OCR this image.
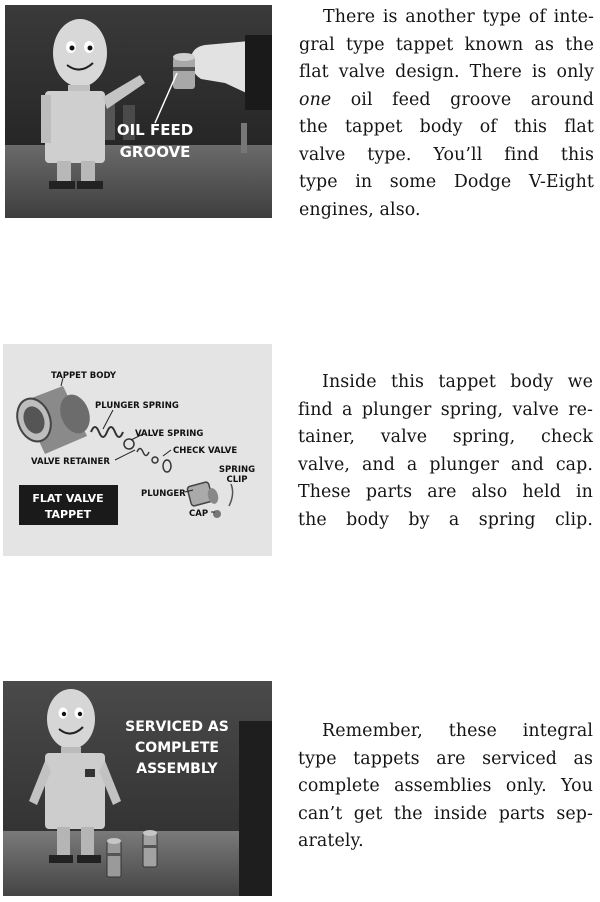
OIL FEED
GROOVE
There is another type of inte-
gral type tappet known as the
flat valve design. There is only
one oil feed groove around
the tappet body of this flat
valve type. You’ll find this
type in some Dodge V-Eight
engines, also.
TAPPET BODY
PLUNGER SPRING
VALVE SPRING
CHECK VALVE
VALVE RETAINER
SPRING
CLIP
PLUNGER
CAP
FLAT VALVE
TAPPET
Inside this tappet body we
find a plunger spring, valve re-
tainer, valve spring, check
valve, and a plunger and cap.
These parts are also held in
the body by a spring clip.
SERVICED AS
COMPLETE
ASSEMBLY
Remember, these integral
type tappets are serviced as
complete assemblies only. You
can’t get the inside parts sep-
arately.
